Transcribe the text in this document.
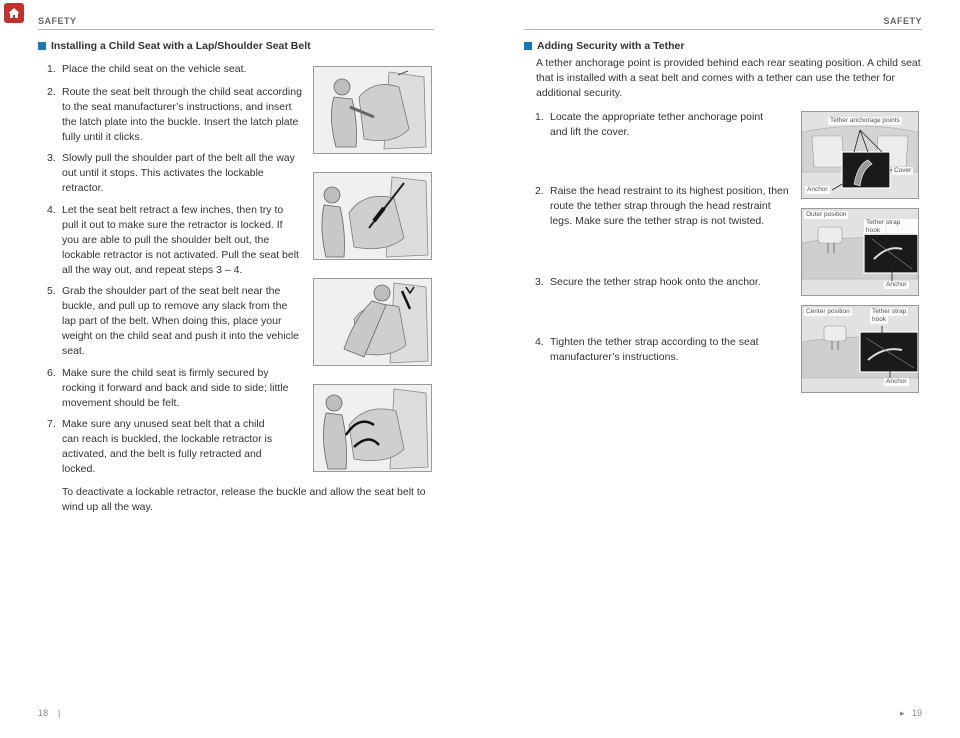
SAFETY	SAFETY
Installing a Child Seat with a Lap/Shoulder Seat Belt
1. Place the child seat on the vehicle seat.
2. Route the seat belt through the child seat according to the seat manufacturer’s instructions, and insert the latch plate into the buckle. Insert the latch plate fully until it clicks.
3. Slowly pull the shoulder part of the belt all the way out until it stops. This activates the lockable retractor.
4. Let the seat belt retract a few inches, then try to pull it out to make sure the retractor is locked. If you are able to pull the shoulder belt out, the lockable retractor is not activated. Pull the seat belt all the way out, and repeat steps 3 – 4.
5. Grab the shoulder part of the seat belt near the buckle, and pull up to remove any slack from the lap part of the belt. When doing this, place your weight on the child seat and push it into the vehicle seat.
6. Make sure the child seat is firmly secured by rocking it forward and back and side to side; little movement should be felt.
7. Make sure any unused seat belt that a child can reach is buckled, the lockable retractor is activated, and the belt is fully retracted and locked.
To deactivate a lockable retractor, release the buckle and allow the seat belt to wind up all the way.
Adding Security with a Tether
A tether anchorage point is provided behind each rear seating position. A child seat that is installed with a seat belt and comes with a tether can use the tether for additional security.
1. Locate the appropriate tether anchorage point and lift the cover.
2. Raise the head restraint to its highest position, then route the tether strap through the head restraint legs. Make sure the tether strap is not twisted.
3. Secure the tether strap hook onto the anchor.
4. Tighten the tether strap according to the seat manufacturer’s instructions.
Tether anchorage points
Cover
Anchor
Outer position
Tether strap hook
Anchor
Center position	Tether strap
hook
Anchor
18 |	▸ 19
